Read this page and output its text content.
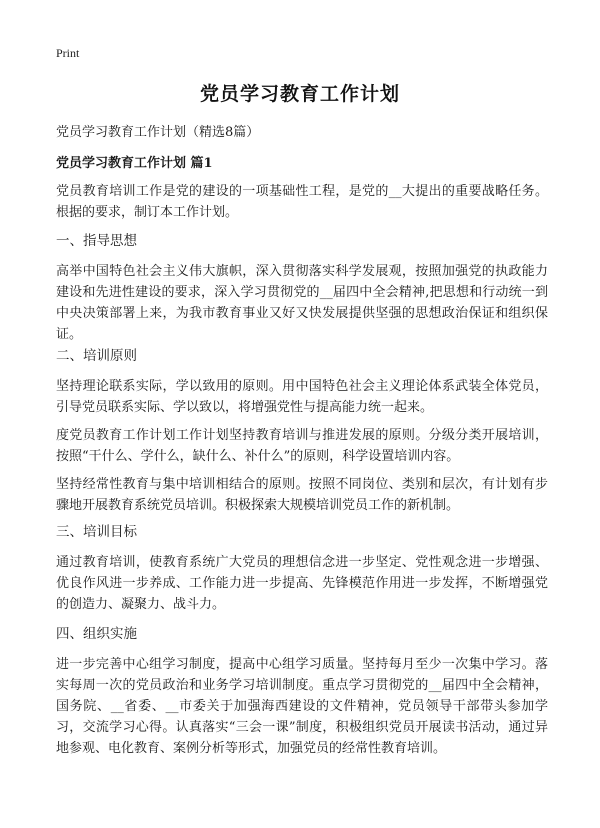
Print
党员学习教育工作计划
党员学习教育工作计划（精选8篇）
党员学习教育工作计划 篇1
党员教育培训工作是党的建设的一项基础性工程，是党的__大提出的重要战略任务。根据的要求，制订本工作计划。
一、指导思想
高举中国特色社会主义伟大旗帜，深入贯彻落实科学发展观，按照加强党的执政能力建设和先进性建设的要求，深入学习贯彻党的__届四中全会精神,把思想和行动统一到中央决策部署上来，为我市教育事业又好又快发展提供坚强的思想政治保证和组织保证。
二、培训原则
坚持理论联系实际，学以致用的原则。用中国特色社会主义理论体系武装全体党员，引导党员联系实际、学以致以，将增强党性与提高能力统一起来。
度党员教育工作计划工作计划坚持教育培训与推进发展的原则。分级分类开展培训，按照“干什么、学什么，缺什么、补什么”的原则，科学设置培训内容。
坚持经常性教育与集中培训相结合的原则。按照不同岗位、类别和层次，有计划有步骤地开展教育系统党员培训。积极探索大规模培训党员工作的新机制。
三、培训目标
通过教育培训，使教育系统广大党员的理想信念进一步坚定、党性观念进一步增强、优良作风进一步养成、工作能力进一步提高、先锋模范作用进一步发挥，不断增强党的创造力、凝聚力、战斗力。
四、组织实施
进一步完善中心组学习制度，提高中心组学习质量。坚持每月至少一次集中学习。落实每周一次的党员政治和业务学习培训制度。重点学习贯彻党的__届四中全会精神，国务院、__省委、__市委关于加强海西建设的文件精神，党员领导干部带头参加学习，交流学习心得。认真落实“三会一课”制度，积极组织党员开展读书活动，通过异地参观、电化教育、案例分析等形式，加强党员的经常性教育培训。
